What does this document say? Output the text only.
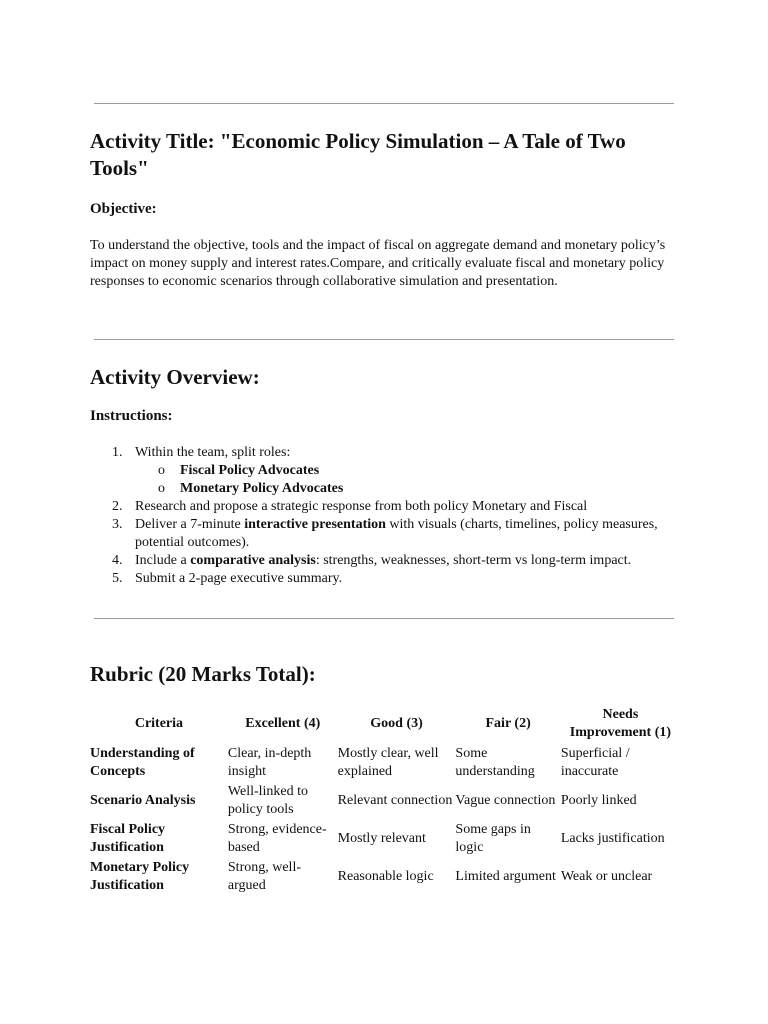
Activity Title: "Economic Policy Simulation – A Tale of Two Tools"

Objective:

To understand the objective, tools and the impact of fiscal on aggregate demand and monetary policy’s impact on money supply and interest rates.Compare, and critically evaluate fiscal and monetary policy responses to economic scenarios through collaborative simulation and presentation.

Activity Overview:

Instructions:

1. Within the team, split roles:
o Fiscal Policy Advocates
o Monetary Policy Advocates
2. Research and propose a strategic response from both policy Monetary and Fiscal
3. Deliver a 7-minute interactive presentation with visuals (charts, timelines, policy measures, potential outcomes).
4. Include a comparative analysis: strengths, weaknesses, short-term vs long-term impact.
5. Submit a 2-page executive summary.
Rubric (20 Marks Total):
Criteria	Excellent (4)	Good (3)	Fair (2)	Needs Improvement (1)
Understanding of Concepts	Clear, in-depth insight	Mostly clear, well explained	Some understanding	Superficial / inaccurate
Scenario Analysis	Well-linked to policy tools	Relevant connection	Vague connection	Poorly linked
Fiscal Policy Justification	Strong, evidence-based	Mostly relevant	Some gaps in logic	Lacks justification
Monetary Policy Justification	Strong, well-argued	Reasonable logic	Limited argument	Weak or unclear
